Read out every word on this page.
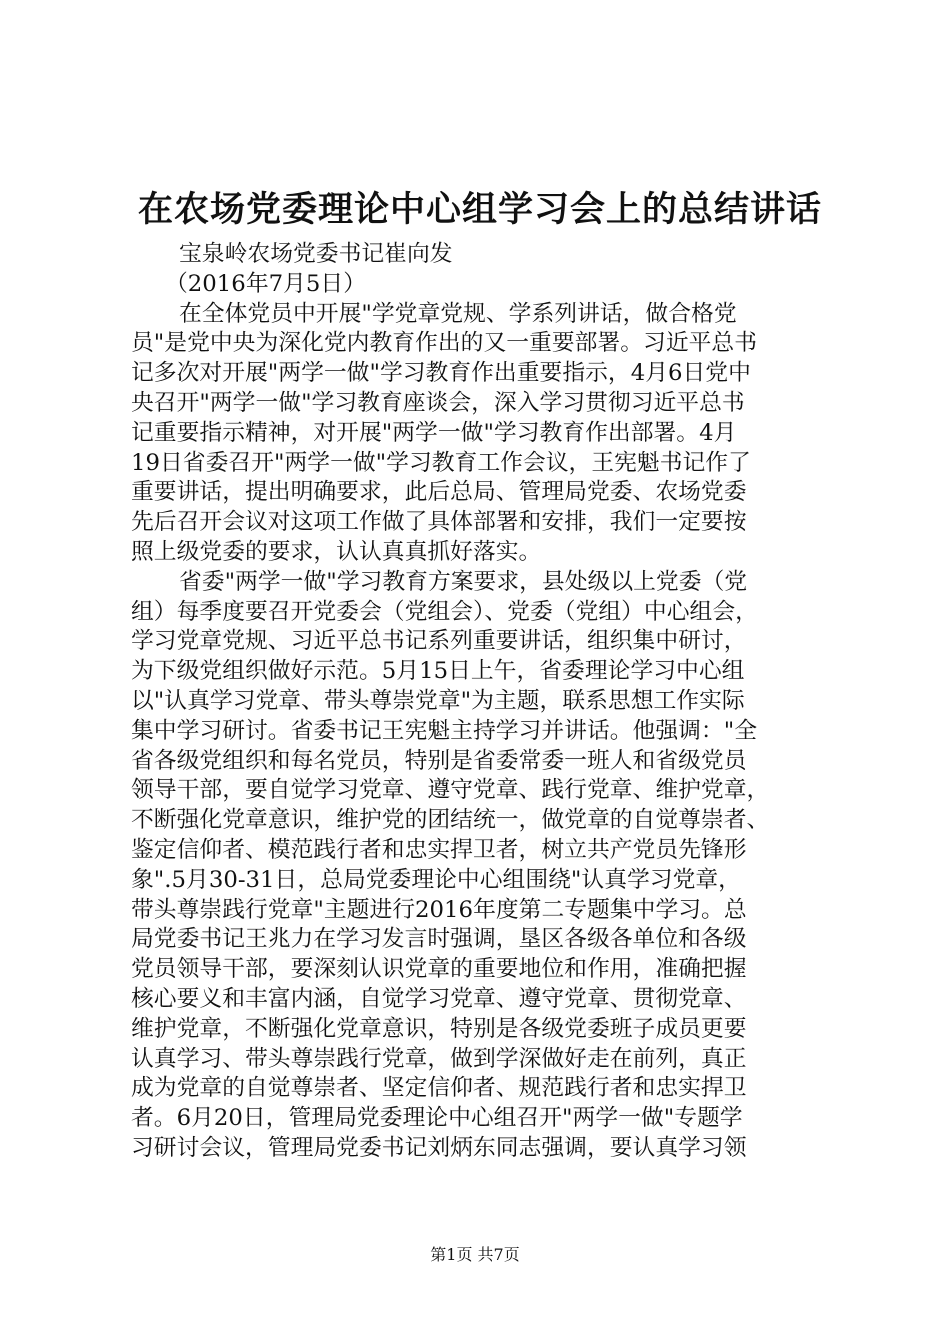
在农场党委理论中心组学习会上的总结讲话
宝泉岭农场党委书记崔向发
（2016年7月5日）
在全体党员中开展"学党章党规、学系列讲话，做合格党
员"是党中央为深化党内教育作出的又一重要部署。习近平总书
记多次对开展"两学一做"学习教育作出重要指示，4月6日党中
央召开"两学一做"学习教育座谈会，深入学习贯彻习近平总书
记重要指示精神，对开展"两学一做"学习教育作出部署。4月
19日省委召开"两学一做"学习教育工作会议，王宪魁书记作了
重要讲话，提出明确要求，此后总局、管理局党委、农场党委
先后召开会议对这项工作做了具体部署和安排，我们一定要按
照上级党委的要求，认认真真抓好落实。
省委"两学一做"学习教育方案要求，县处级以上党委（党
组）每季度要召开党委会（党组会）、党委（党组）中心组会，
学习党章党规、习近平总书记系列重要讲话，组织集中研讨，
为下级党组织做好示范。5月15日上午，省委理论学习中心组
以"认真学习党章、带头尊崇党章"为主题，联系思想工作实际
集中学习研讨。省委书记王宪魁主持学习并讲话。他强调："全
省各级党组织和每名党员，特别是省委常委一班人和省级党员
领导干部，要自觉学习党章、遵守党章、践行党章、维护党章，
不断强化党章意识，维护党的团结统一，做党章的自觉尊崇者、
鉴定信仰者、模范践行者和忠实捍卫者，树立共产党员先锋形
象".5月30-31日，总局党委理论中心组围绕"认真学习党章，
带头尊崇践行党章"主题进行2016年度第二专题集中学习。总
局党委书记王兆力在学习发言时强调，垦区各级各单位和各级
党员领导干部，要深刻认识党章的重要地位和作用，准确把握
核心要义和丰富内涵，自觉学习党章、遵守党章、贯彻党章、
维护党章，不断强化党章意识，特别是各级党委班子成员更要
认真学习、带头尊崇践行党章，做到学深做好走在前列，真正
成为党章的自觉尊崇者、坚定信仰者、规范践行者和忠实捍卫
者。6月20日，管理局党委理论中心组召开"两学一做"专题学
习研讨会议，管理局党委书记刘炳东同志强调，要认真学习领
第1页 共7页
